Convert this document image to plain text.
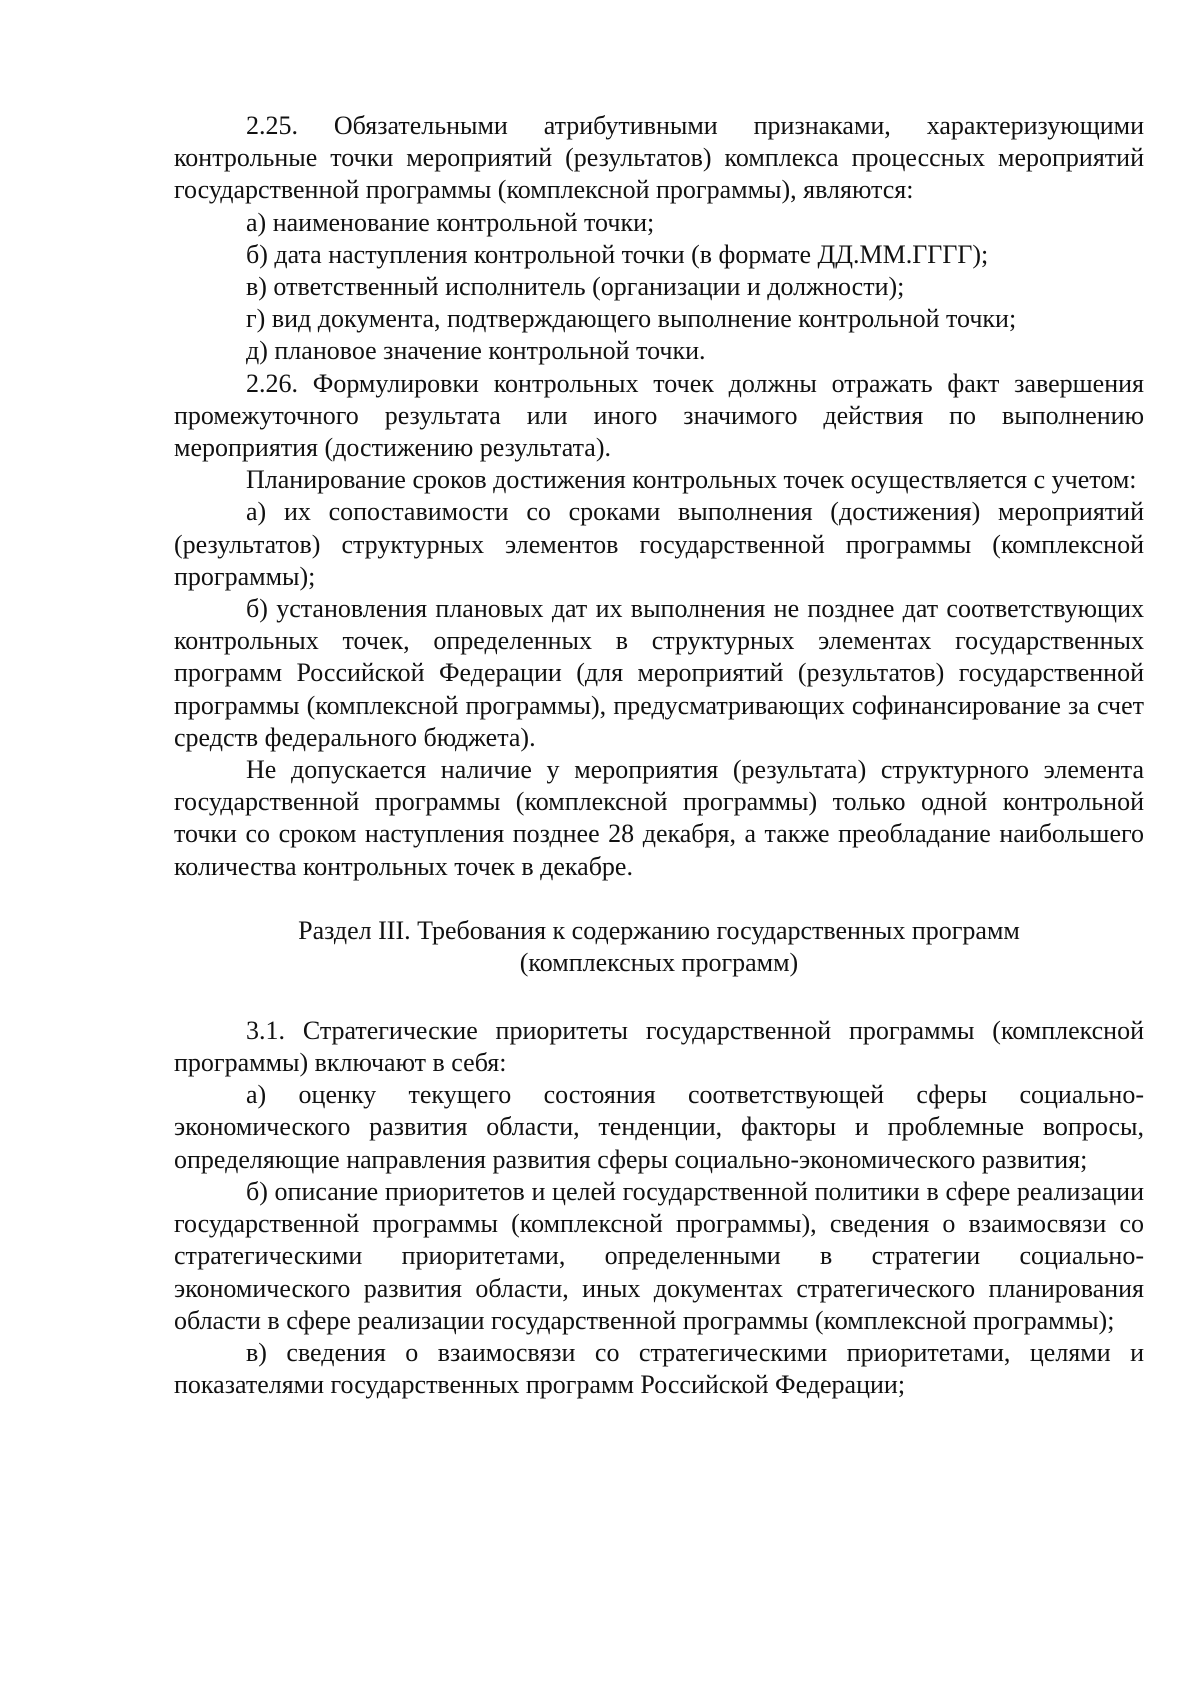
2.25. Обязательными атрибутивными признаками, характеризующими контрольные точки мероприятий (результатов) комплекса процессных мероприятий государственной программы (комплексной программы), являются:

а) наименование контрольной точки;

б) дата наступления контрольной точки (в формате ДД.ММ.ГГГГ);

в) ответственный исполнитель (организации и должности);

г) вид документа, подтверждающего выполнение контрольной точки;

д) плановое значение контрольной точки.

2.26. Формулировки контрольных точек должны отражать факт завершения промежуточного результата или иного значимого действия по выполнению мероприятия (достижению результата).

Планирование сроков достижения контрольных точек осуществляется с учетом:

а) их сопоставимости со сроками выполнения (достижения) мероприятий (результатов) структурных элементов государственной программы (комплексной программы);

б) установления плановых дат их выполнения не позднее дат соответствующих контрольных точек, определенных в структурных элементах государственных программ Российской Федерации (для мероприятий (результатов) государственной программы (комплексной программы), предусматривающих софинансирование за счет средств федерального бюджета).

Не допускается наличие у мероприятия (результата) структурного элемента государственной программы (комплексной программы) только одной контрольной точки со сроком наступления позднее 28 декабря, а также преобладание наибольшего количества контрольных точек в декабре.

Раздел III. Требования к содержанию государственных программ
(комплексных программ)

3.1. Стратегические приоритеты государственной программы (комплексной программы) включают в себя:

а) оценку текущего состояния соответствующей сферы социально-экономического развития области, тенденции, факторы и проблемные вопросы, определяющие направления развития сферы социально-экономического развития;

б) описание приоритетов и целей государственной политики в сфере реализации государственной программы (комплексной программы), сведения о взаимосвязи со стратегическими приоритетами, определенными в стратегии социально-экономического развития области, иных документах стратегического планирования области в сфере реализации государственной программы (комплексной программы);

в) сведения о взаимосвязи со стратегическими приоритетами, целями и показателями государственных программ Российской Федерации;
